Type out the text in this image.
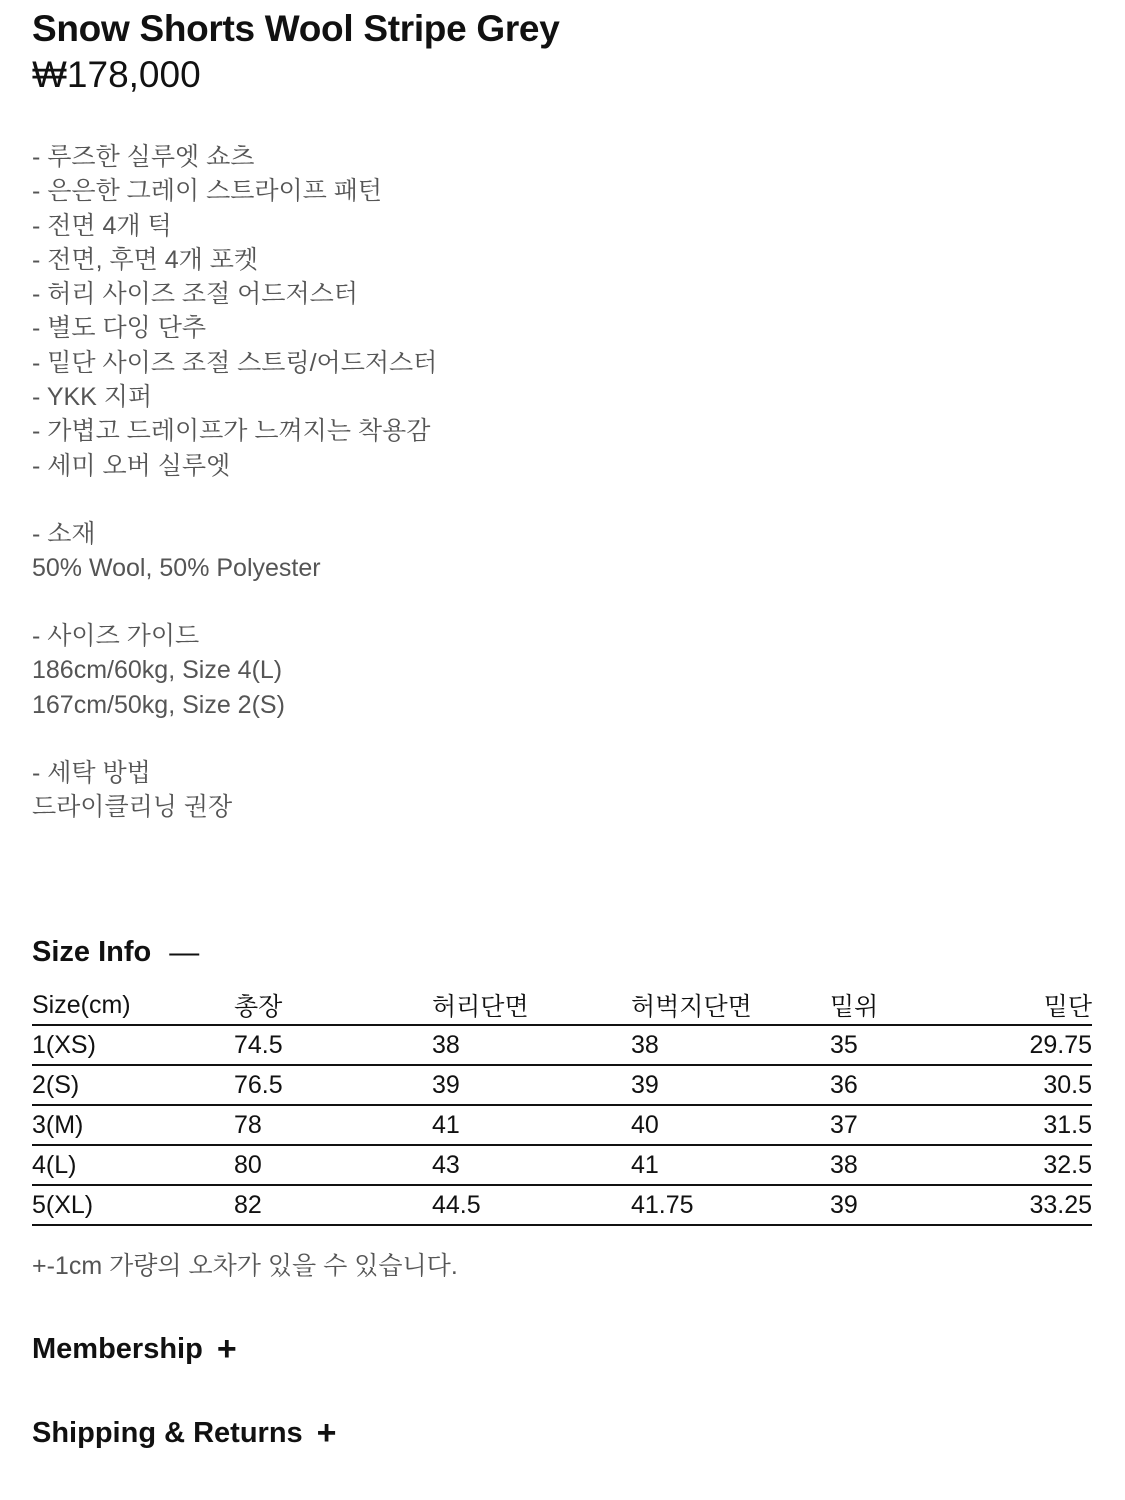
Snow Shorts Wool Stripe Grey
₩178,000
- 루즈한 실루엣 쇼츠
- 은은한 그레이 스트라이프 패턴
- 전면 4개 턱
- 전면, 후면 4개 포켓
- 허리 사이즈 조절 어드저스터
- 별도 다잉 단추
- 밑단 사이즈 조절 스트링/어드저스터
- YKK 지퍼
- 가볍고 드레이프가 느껴지는 착용감
- 세미 오버 실루엣
- 소재
50% Wool, 50% Polyester
- 사이즈 가이드
186cm/60kg, Size 4(L)
167cm/50kg, Size 2(S)
- 세탁 방법
드라이클리닝 권장
Size Info —
Size(cm)	총장	허리단면	허벅지단면	밑위	밑단
1(XS)	74.5	38	38	35	29.75
2(S)	76.5	39	39	36	30.5
3(M)	78	41	40	37	31.5
4(L)	80	43	41	38	32.5
5(XL)	82	44.5	41.75	39	33.25
+-1cm 가량의 오차가 있을 수 있습니다.
Membership +
Shipping & Returns +
